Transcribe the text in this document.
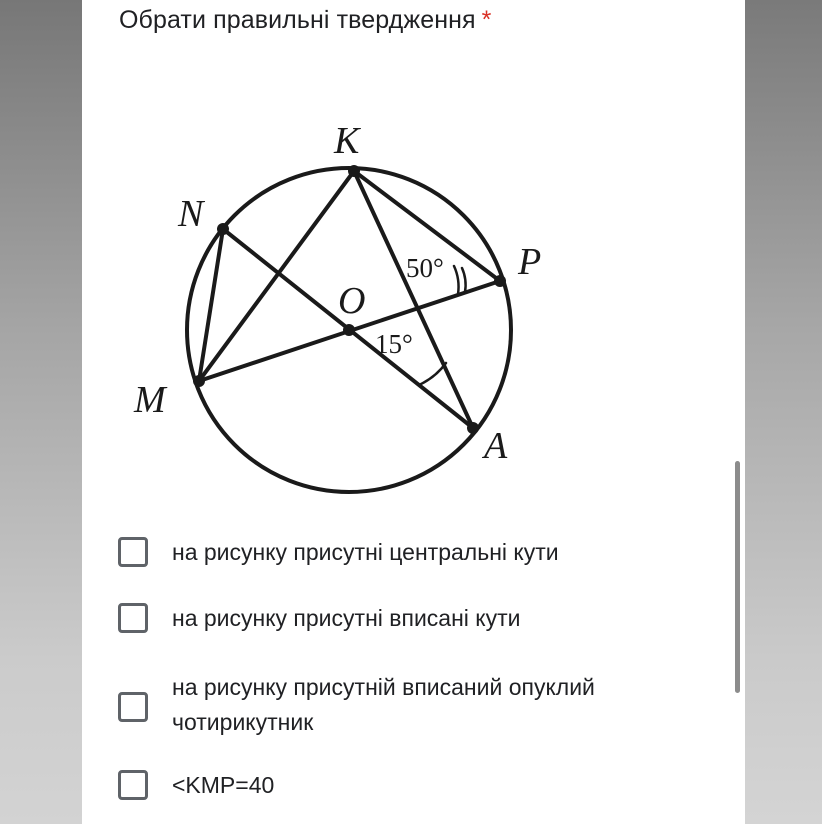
Обрати правильні твердження *
K
N
P
O
M
A
50°
15°
на рисунку присутні центральні кути
на рисунку присутні вписані кути
на рисунку присутній вписаний опуклий чотирикутник
<KMP=40
